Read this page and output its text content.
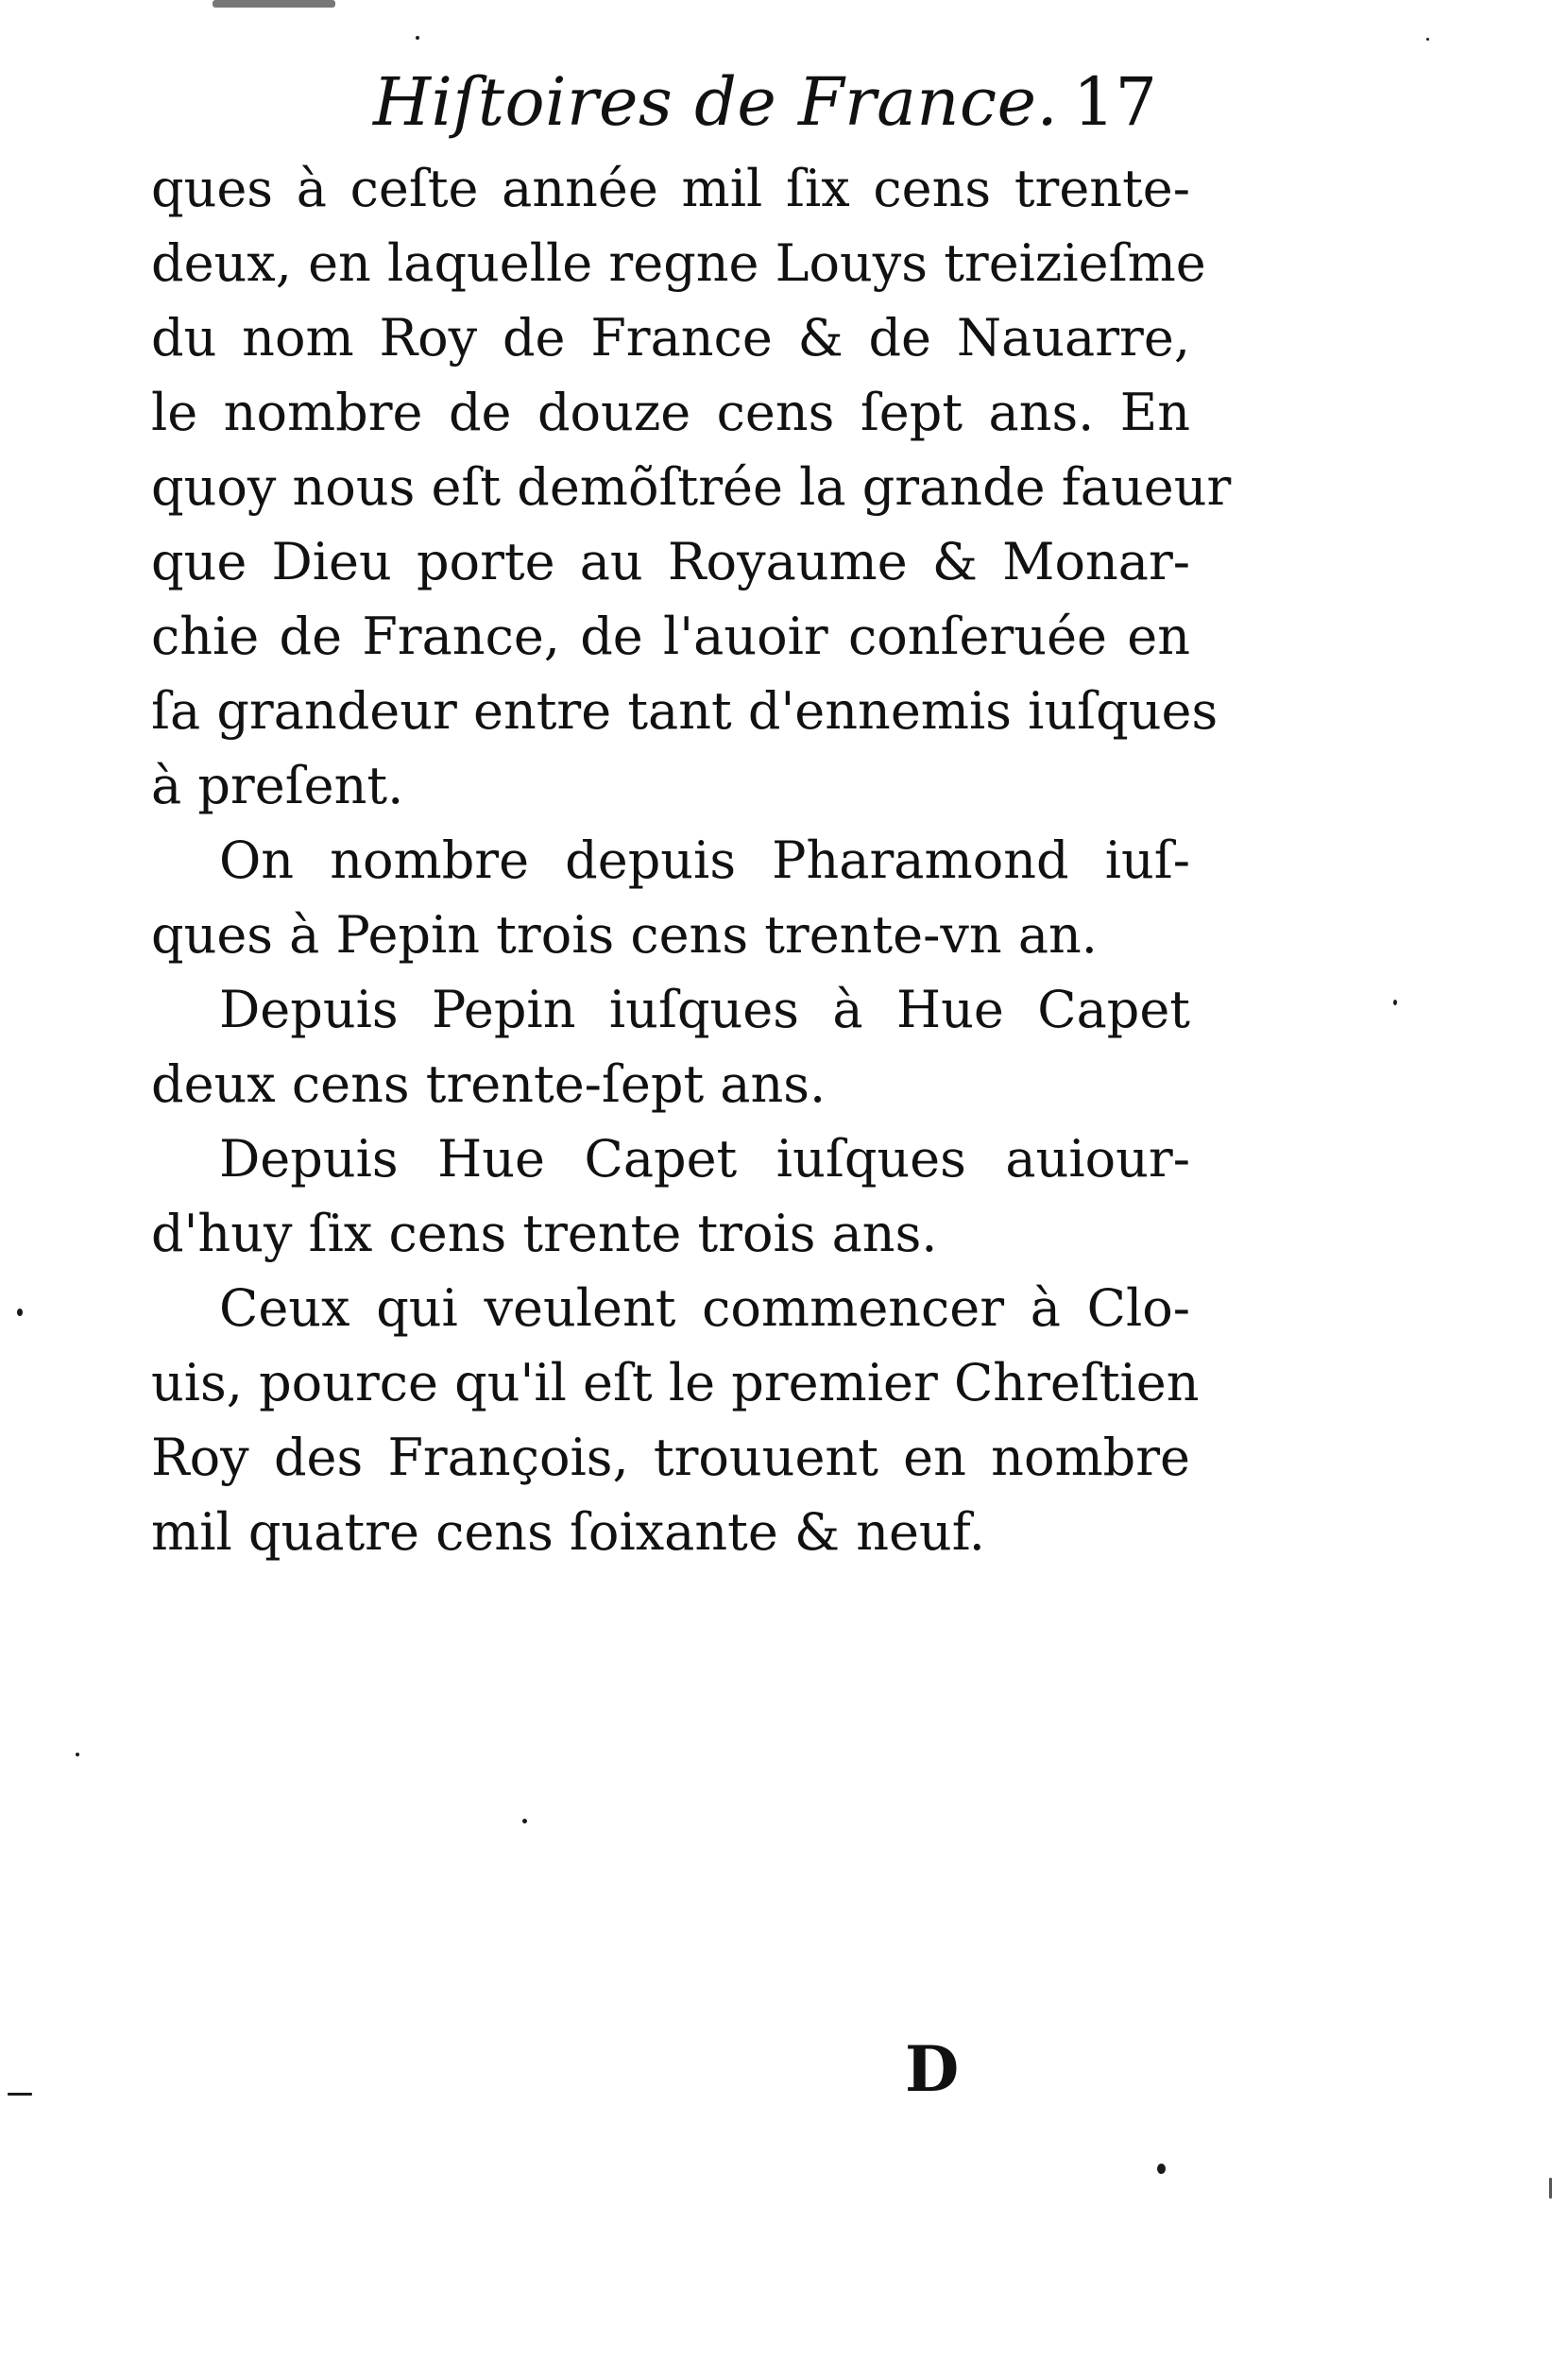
Hiſtoires de France. 17
ques à ceſte année mil ſix cens trente-
deux, en laquelle regne Louys treizieſme
du nom Roy de France & de Nauarre,
le nombre de douze cens ſept ans. En
quoy nous eſt demõſtrée la grande faueur
que Dieu porte au Royaume & Monar-
chie de France, de l'auoir conſeruée en
ſa grandeur entre tant d'ennemis iuſques
à preſent.
On nombre depuis Pharamond iuſ-
ques à Pepin trois cens trente-vn an.
Depuis Pepin iuſques à Hue Capet
deux cens trente-ſept ans.
Depuis Hue Capet iuſques auiour-
d'huy ſix cens trente trois ans.
Ceux qui veulent commencer à Clo-
uis, pource qu'il eſt le premier Chreſtien
Roy des François, trouuent en nombre
mil quatre cens ſoixante & neuf.
D
